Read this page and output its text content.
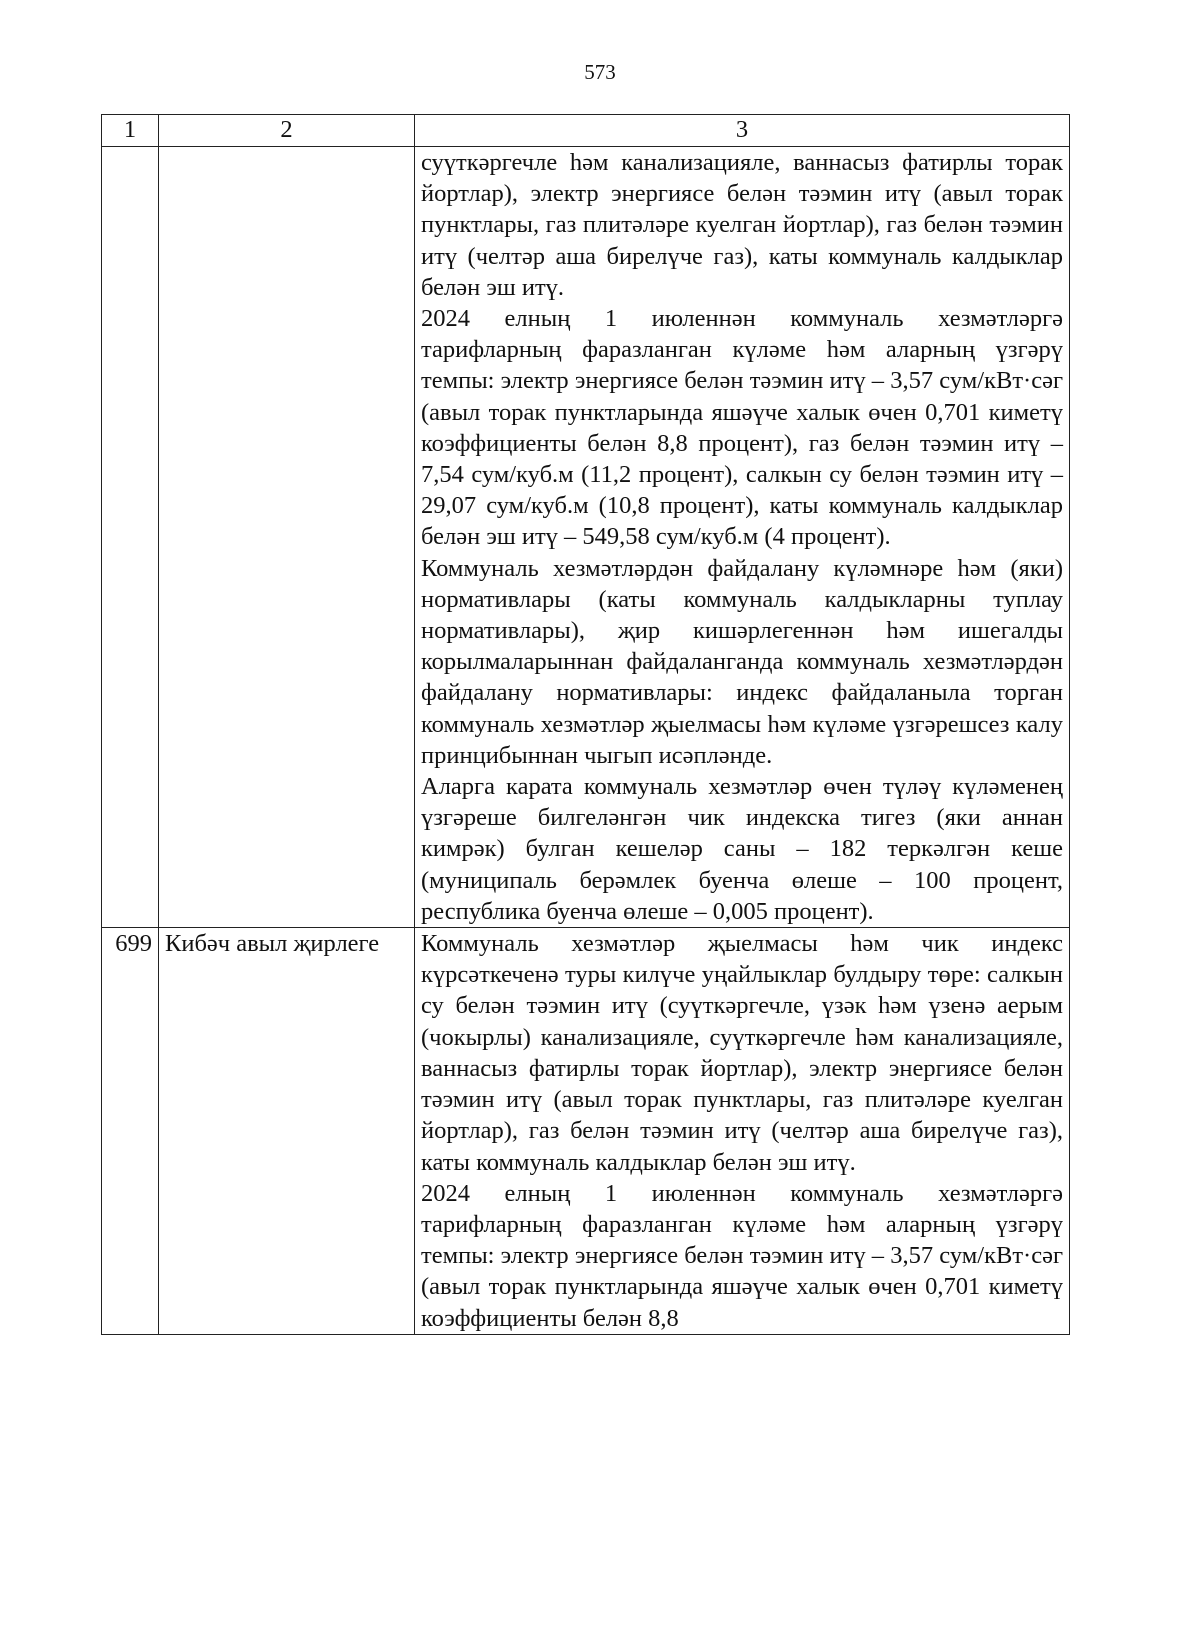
573
1	2	3

		суүткәргечле һәм канализацияле, ваннасыз фатирлы торак йортлар), электр энергиясе белән тәэмин итү (авыл торак пунктлары, газ плитәләре куелган йортлар), газ белән тәэмин итү (челтәр аша бирелүче газ), каты коммуналь калдыклар белән эш итү.

2024 елның 1 июленнән коммуналь хезмәтләргә тарифларның фаразланган күләме һәм аларның үзгәрү темпы: электр энергиясе белән тәэмин итү – 3,57 сум/кВт·сәг (авыл торак пунктларында яшәүче халык өчен 0,701 киметү коэффициенты белән 8,8 процент), газ белән тәэмин итү – 7,54 сум/куб.м (11,2 процент), салкын су белән тәэмин итү – 29,07 сум/куб.м (10,8 процент), каты коммуналь калдыклар белән эш итү – 549,58 сум/куб.м (4 процент).

Коммуналь хезмәтләрдән файдалану күләмнәре һәм (яки) нормативлары (каты коммуналь калдыкларны туплау нормативлары), җир кишәрлегеннән һәм ишегалды корылмаларыннан файдаланганда коммуналь хезмәтләрдән файдалану нормативлары: индекс файдаланыла торган коммуналь хезмәтләр җыелмасы һәм күләме үзгәрешсез калу принцибыннан чыгып исәпләнде.

Аларга карата коммуналь хезмәтләр өчен түләү күләменең үзгәреше билгеләнгән чик индекска тигез (яки аннан кимрәк) булган кешеләр саны – 182 теркәлгән кеше (муниципаль берәмлек буенча өлеше – 100 процент, республика буенча өлеше – 0,005 процент).

699	Кибәч авыл җирлеге	Коммуналь хезмәтләр җыелмасы һәм чик индекс күрсәткеченә туры килүче уңайлыклар булдыру төре: салкын су белән тәэмин итү (суүткәргечле, үзәк һәм үзенә аерым (чокырлы) канализацияле, суүткәргечле һәм канализацияле, ваннасыз фатирлы торак йортлар), электр энергиясе белән тәэмин итү (авыл торак пунктлары, газ плитәләре куелган йортлар), газ белән тәэмин итү (челтәр аша бирелүче газ), каты коммуналь калдыклар белән эш итү.

2024 елның 1 июленнән коммуналь хезмәтләргә тарифларның фаразланган күләме һәм аларның үзгәрү темпы: электр энергиясе белән тәэмин итү – 3,57 сум/кВт·сәг (авыл торак пунктларында яшәүче халык өчен 0,701 киметү коэффициенты белән 8,8
